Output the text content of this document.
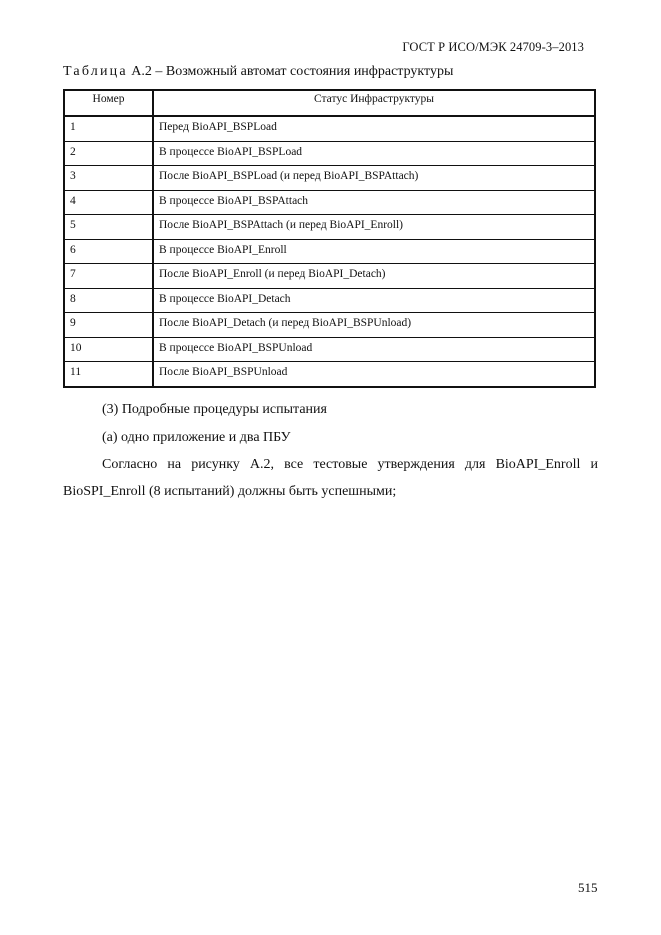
ГОСТ Р ИСО/МЭК 24709-3–2013
Таблица А.2 – Возможный автомат состояния инфраструктуры
Номер	Статус Инфраструктуры
1	Перед BioAPI_BSPLoad
2	В процессе BioAPI_BSPLoad
3	После BioAPI_BSPLoad (и перед BioAPI_BSPAttach)
4	В процессе BioAPI_BSPAttach
5	После BioAPI_BSPAttach (и перед BioAPI_Enroll)
6	В процессе BioAPI_Enroll
7	После BioAPI_Enroll (и перед BioAPI_Detach)
8	В процессе BioAPI_Detach
9	После BioAPI_Detach (и перед BioAPI_BSPUnload)
10	В процессе BioAPI_BSPUnload
11	После BioAPI_BSPUnload
(3) Подробные процедуры испытания
(а) одно приложение и два ПБУ
Согласно на рисунку А.2, все тестовые утверждения для BioAPI_Enroll и
BioSPI_Enroll (8 испытаний) должны быть успешными;
515
